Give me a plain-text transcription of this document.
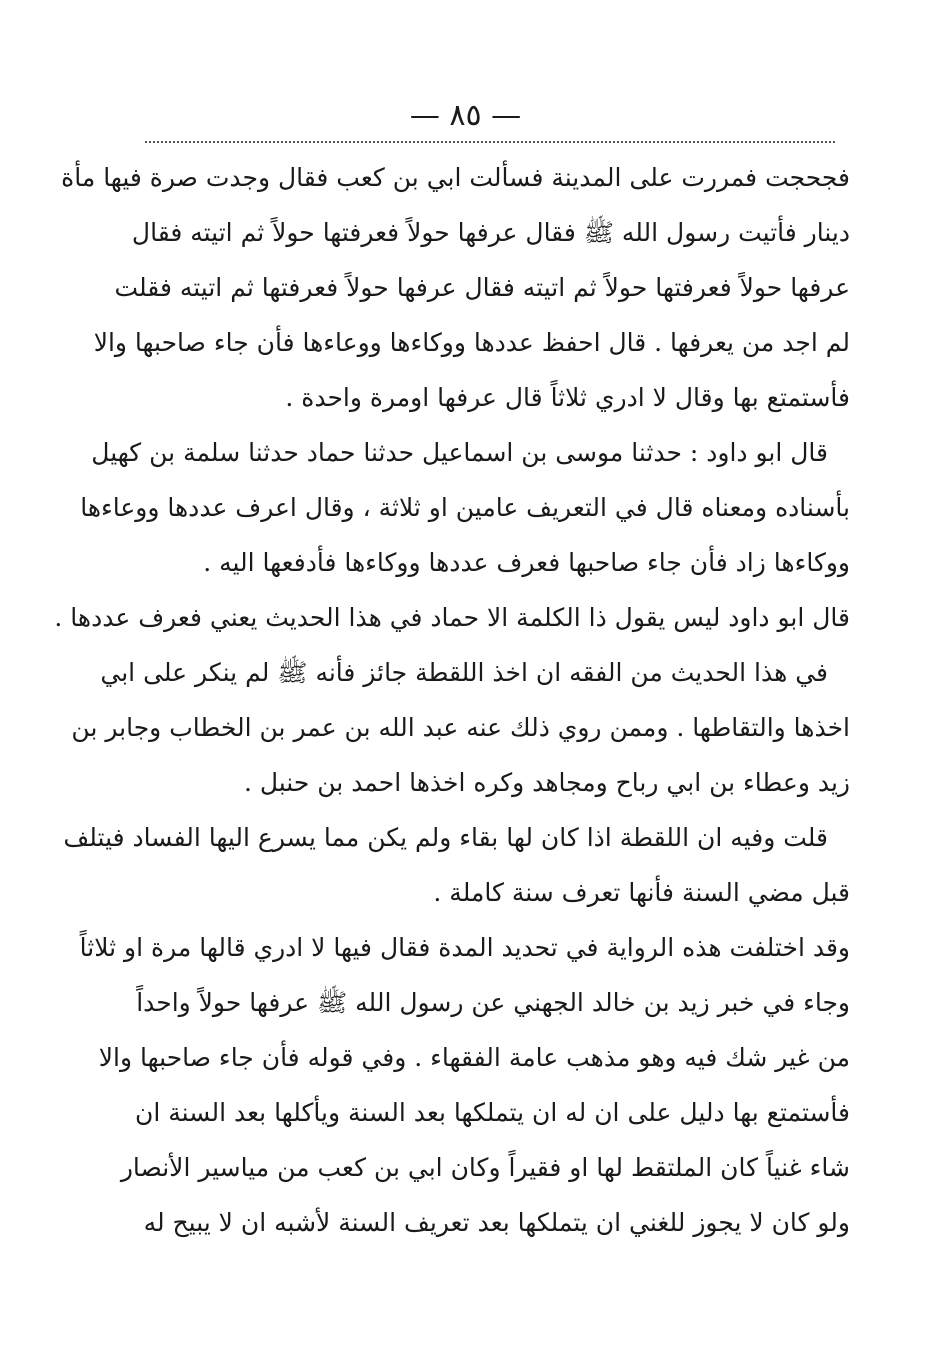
— ٨٥ —
فجحجت فمررت على المدينة فسألت ابي بن كعب فقال وجدت صرة فيها مأة
دينار فأتيت رسول الله ﷺ فقال عرفها حولاً فعرفتها حولاً ثم اتيته فقال
عرفها حولاً فعرفتها حولاً ثم اتيته فقال عرفها حولاً فعرفتها ثم اتيته فقلت
لم اجد من يعرفها . قال احفظ عددها ووكاءها ووعاءها فأن جاء صاحبها والا
فأستمتع بها وقال لا ادري ثلاثاً قال عرفها اومرة واحدة .
قال ابو داود : حدثنا موسى بن اسماعيل حدثنا حماد حدثنا سلمة بن كهيل
بأسناده ومعناه قال في التعريف عامين او ثلاثة ، وقال اعرف عددها ووعاءها
ووكاءها زاد فأن جاء صاحبها فعرف عددها ووكاءها فأدفعها اليه .
قال ابو داود ليس يقول ذا الكلمة الا حماد في هذا الحديث يعني فعرف عددها .
في هذا الحديث من الفقه ان اخذ اللقطة جائز فأنه ﷺ لم ينكر على ابي
اخذها والتقاطها . وممن روي ذلك عنه عبد الله بن عمر بن الخطاب وجابر بن
زيد وعطاء بن ابي رباح ومجاهد وكره اخذها احمد بن حنبل .
قلت وفيه ان اللقطة اذا كان لها بقاء ولم يكن مما يسرع اليها الفساد فيتلف
قبل مضي السنة فأنها تعرف سنة كاملة .
وقد اختلفت هذه الرواية في تحديد المدة فقال فيها لا ادري قالها مرة او ثلاثاً
وجاء في خبر زيد بن خالد الجهني عن رسول الله ﷺ عرفها حولاً واحداً
من غير شك فيه وهو مذهب عامة الفقهاء . وفي قوله فأن جاء صاحبها والا
فأستمتع بها دليل على ان له ان يتملكها بعد السنة ويأكلها بعد السنة ان
شاء غنياً كان الملتقط لها او فقيراً وكان ابي بن كعب من مياسير الأنصار
ولو كان لا يجوز للغني ان يتملكها بعد تعريف السنة لأشبه ان لا يبيح له
